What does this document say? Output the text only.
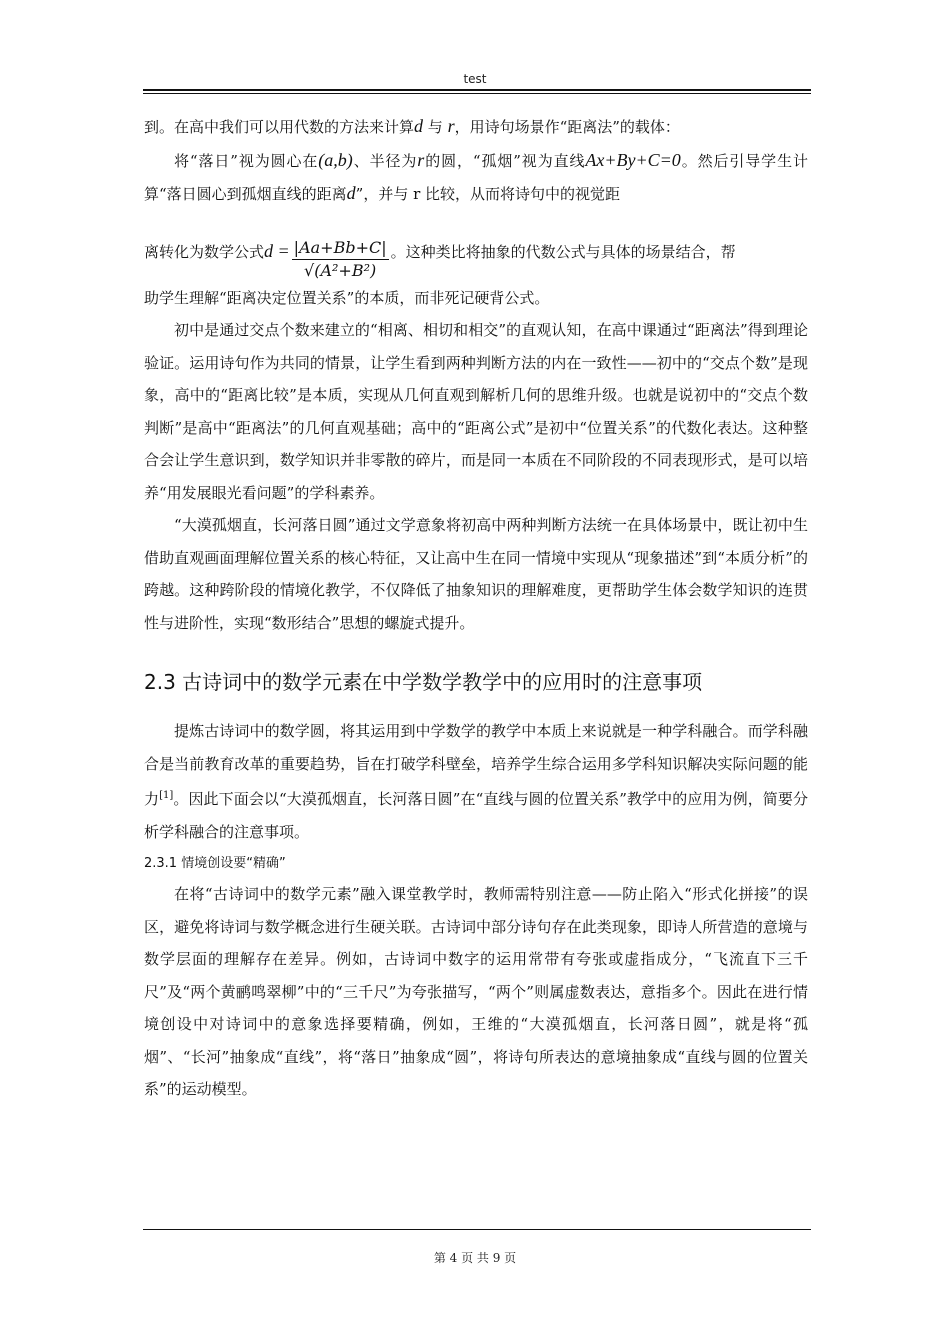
test

到。在高中我们可以用代数的方法来计算d 与 r，用诗句场景作“距离法”的载体：

将“落日”视为圆心在(a,b)、半径为r的圆，“孤烟”视为直线Ax+By+C=0。然后引导学生计算“落日圆心到孤烟直线的距离d”，并与 r 比较，从而将诗句中的视觉距

离转化为数学公式$d = \frac{|Aa+Bb+C|}{\text{√(A²+B²)}}$ 。这种类比将抽象的代数公式与具体的场景结合，帮

助学生理解“距离决定位置关系”的本质，而非死记硬背公式。

初中是通过交点个数来建立的“相离、相切和相交”的直观认知，在高中课通过“距离法”得到理论验证。运用诗句作为共同的情景，让学生看到两种判断方法的内在一致性——初中的“交点个数”是现象，高中的“距离比较”是本质，实现从几何直观到解析几何的思维升级。也就是说初中的“交点个数判断”是高中“距离法”的几何直观基础；高中的“距离公式”是初中“位置关系”的代数化表达。这种整合会让学生意识到，数学知识并非零散的碎片，而是同一本质在不同阶段的不同表现形式，是可以培养“用发展眼光看问题”的学科素养。

“大漠孤烟直，长河落日圆”通过文学意象将初高中两种判断方法统一在具体场景中，既让初中生借助直观画面理解位置关系的核心特征，又让高中生在同一情境中实现从“现象描述”到“本质分析”的跨越。这种跨阶段的情境化教学，不仅降低了抽象知识的理解难度，更帮助学生体会数学知识的连贯性与进阶性，实现“数形结合”思想的螺旋式提升。

2.3 古诗词中的数学元素在中学数学教学中的应用时的注意事项

提炼古诗词中的数学圆，将其运用到中学数学的教学中本质上来说就是一种学科融合。而学科融合是当前教育改革的重要趋势，旨在打破学科壁垒，培养学生综合运用多学科知识解决实际问题的能力[1]。因此下面会以“大漠孤烟直，长河落日圆”在“直线与圆的位置关系”教学中的应用为例，简要分析学科融合的注意事项。

2.3.1 情境创设要“精确”

在将“古诗词中的数学元素”融入课堂教学时，教师需特别注意——防止陷入“形式化拼接”的误区，避免将诗词与数学概念进行生硬关联。古诗词中部分诗句存在此类现象，即诗人所营造的意境与数学层面的理解存在差异。例如，古诗词中数字的运用常带有夸张或虚指成分，“飞流直下三千尺”及“两个黄鹂鸣翠柳”中的“三千尺”为夸张描写，“两个”则属虚数表达，意指多个。因此在进行情境创设中对诗词中的意象选择要精确，例如，王维的“大漠孤烟直，长河落日圆”，就是将“孤烟”、“长河”抽象成“直线”，将“落日”抽象成“圆”，将诗句所表达的意境抽象成“直线与圆的位置关系”的运动模型。

第 4 页 共 9 页
